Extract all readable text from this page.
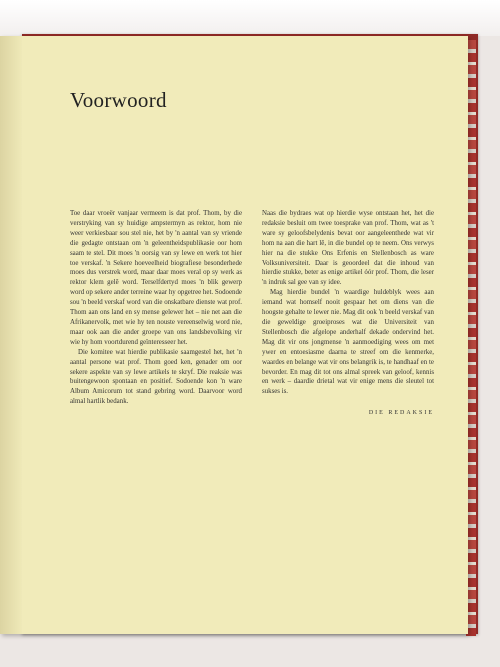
Voorwoord

Toe daar vroeër vanjaar vermeem is dat prof. Thom, by die verstryking van sy huidige ampstermyn as rektor, hom nie weer verkiesbaar sou stel nie, het by 'n aantal van sy vriende die gedagte ontstaan om 'n geleentheidspublikasie oor hom saam te stel. Dit moes 'n oorsig van sy lewe en werk tot hier toe verskaf. 'n Sekere hoeveelheid biografiese besonderhede moes dus verstrek word, maar daar moes veral op sy werk as rektor klem gelê word. Terselfdertyd moes 'n blik gewerp word op sekere ander terreine waar hy opgetree het. Sodoende sou 'n beeld verskaf word van die onskatbare dienste wat prof. Thom aan ons land en sy mense gelewer het – nie net aan die Afrikanervolk, met wie hy ten nouste vereenselwig word nie, maar ook aan die ander groepe van ons landsbevolking vir wie hy hom voortdurend geïnteresseer het.

Die komitee wat hierdie publikasie saamgestel het, het 'n aantal persone wat prof. Thom goed ken, genader om oor sekere aspekte van sy lewe artikels te skryf. Die reaksie was buitengewoon spontaan en positief. Sodoende kon 'n ware Album Amicorum tot stand gebring word. Daarvoor word almal hartlik bedank.

Naas die bydraes wat op hierdie wyse ontstaan het, het die redaksie besluit om twee toesprake van prof. Thom, wat as 't ware sy geloofsbelydenis bevat oor aangeleenthede wat vir hom na aan die hart lê, in die bundel op te neem. Ons verwys hier na die stukke Ons Erfenis en Stellenbosch as ware Volksuniversiteit. Daar is geoordeel dat die inhoud van hierdie stukke, beter as enige artikel óór prof. Thom, die leser 'n indruk sal gee van sy idee.

Mag hierdie bundel 'n waardige huldeblyk wees aan iemand wat homself nooit gespaar het om diens van die hoogste gehalte te lewer nie. Mag dit ook 'n beeld verskaf van die geweldige groeiproses wat die Universiteit van Stellenbosch die afgelope anderhalf dekade ondervind het. Mag dit vir ons jongmense 'n aanmoediging wees om met ywer en entoesiasme daarna te streef om die kenmerke, waardes en belange wat vir ons belangrik is, te handhaaf en te bevorder. En mag dit tot ons almal spreek van geloof, kennis en werk – daardie drietal wat vir enige mens die sleutel tot sukses is.

DIE REDAKSIE
